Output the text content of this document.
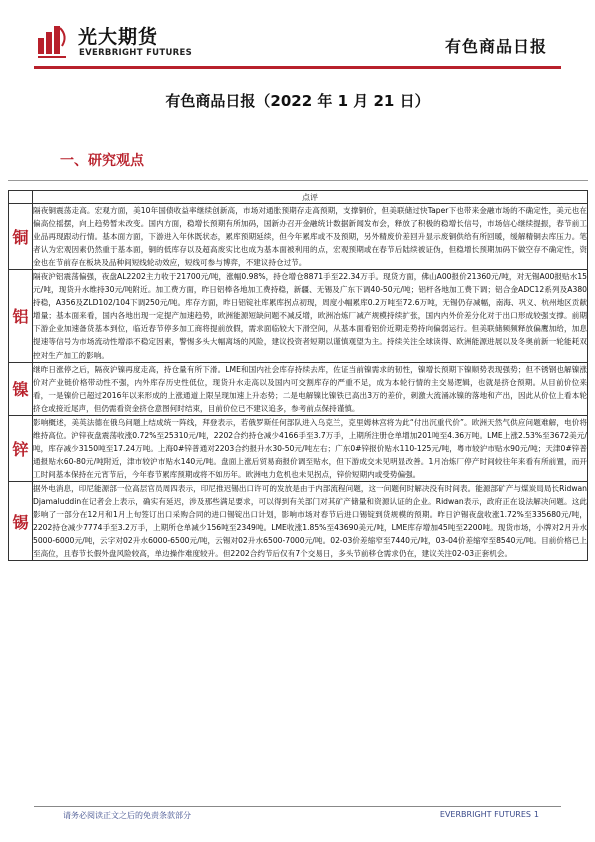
光大期货
EVERBRIGHT FUTURES	有色商品日报
有色商品日报（2022 年 1 月 21 日）
一、研究观点
	点评
铜	隔夜铜震荡走高。宏观方面，美10年国债收益率继续创新高，市场对通胀预期存走高预期，支撑铜价，但美联储过快Taper下也带来金融市场的不确定性，美元也在偏高位摇摆，向上趋势暂未改变。国内方面，稳增长预期有所加码，国新办召开金融统计数据新闻发布会，释放了积极的稳增长信号，市场信心继续提振，春节前工业品再现跟动行情。基本面方面，下游进入年休既状态，累库预期延续，但今年累库或不及预期，另外精废价差回升显示废铜供给有所回暖，缓解精铜去库压力。笔者认为宏观因素仍然重于基本面，铜的低库存以及超高废实比也成为基本面被利用的点，宏观预期或在春节后陆续被证伪，但稳增长预期加码下做空存不确定性，资金也在节前存在板块及品种间短线轮动效应，短线可参与博弈，不建议持仓过节。
铝	隔夜沪铝震荡偏强，夜盘AL2202主力收于21700元/吨，涨幅0.98%，持仓增仓8871手至22.34万手。现货方面，佛山A00报价21360元/吨，对无锡A00报贴水15元/吨，现货升水维持30元/吨附近。加工费方面，昨日铝棒各地加工费持稳，新疆、无锡及广东下调40-50元/吨；铝杆各地加工费下调；铝合金ADC12系列及A380持稳，A356及ZLD102/104下调250元/吨。库存方面，昨日铝锭社库累库拐点初现，周度小幅累库0.2万吨至72.6万吨，无锡仍存减幅，南海、巩义、杭州地区贡献增量；基本面来看，国内各地出现一定提产加速趋势，欧洲能源短缺问题不减反增，欧洲冶炼厂减产规模持续扩张，国内内外价差分化对于出口形成较强支撑。前期下游企业加速备货基本到位，临近春节停多加工商将提前放假，需求面临较大下滑空间，从基本面看铝价近期走势持向偏弱运行。但美联储频频释放偏鹰加给，加息提速等信号为市场流动性增添不稳定因素，警惕多头大幅离场的风险，建议投资者短期以谨慎观望为主。持续关注全球读得、欧洲能源进展以及冬奥前新一轮能耗双控对生产加工的影响。
镍	继昨日涨停之后，隔夜沪镍再度走高，持仓量有所下滑。LME和国内社会库存持续去库，佐证当前镍需求的韧性，镍增长预期下镍顺势表现强势；但不锈钢也解镍涨价对产业链价格带动性不强，内外库存历史性低位，现货升水走高以及国内可交割库存的严重不足，成为本轮行情的主交易逻辑，也就是挤仓预期。从目前价位来看，一是镍价已超过2016年以来形成的上涨通道上限呈现加速上升态势；二是电解镍比镍铁已高出3万的差价，刺激大流涌冰镍的落地和产出，因此从价位上看本轮挤仓或接近尾声，但仍需看资金挤仓意图何时结束，目前价位已不建议追多，参考前点保持谨慎。
锌	影响概述，美英法德在俄乌问题上结成统一阵线，拜登表示，若俄罗斯任何部队进入乌克兰，克里姆林宫将为此“付出沉重代价”。欧洲天然气供应问题难解，电价将维持高位。沪锌夜盘震荡收涨0.72%至25310元/吨，2202合约持仓减少4166手至3.7万手，上期所注册仓单增加201吨至4.36万吨。LME上涨2.53%至3672美元/吨，库存减少3150吨至17.24万吨。上海0#锌普通对2203合约报升水30-50元/吨左右；广东0#锌报价贴水110-125元/吨，粤市较沪市贴水90元/吨；天津0#锌普通报贴水60-80元/吨附近，津市较沪市贴水140元/吨。盘面上涨后贸易商报价调至贴水，但下游成交未见明显改善。1月冶炼厂停产时间较往年来看有所前置，而开工时间基本保持在元宵节后，今年春节累库预期或将不如历年。欧洲电力危机也未见拐点，锌价短期内或受势偏强。
锡	据外电消息，印尼能源部一位高层官员周四表示，印尼推迟锡出口许可的发放是由于内部流程问题，这一问题何时解决没有时间表。能源部矿产与煤炭局局长Ridwan Djamaluddin在记者会上表示，确实有延迟，涉及那些满足要求，可以得到有关部门对其矿产储量和资源认证的企业。Ridwan表示，政府正在设法解决问题。这此影响了一部分在12月和1月上旬签订出口采购合同的进口锡锭出口计划，影响市场对春节后进口锡锭到货规模的预期。昨日沪锡夜盘收涨1.72%至335680元/吨，2202持仓减少7774手至3.2万手，上期所仓单减少156吨至2349吨。LME收涨1.85%至43690美元/吨，LME库存增加45吨至2200吨。现货市场，小牌对2月升水5000-6000元/吨，云字对02升水6000-6500元/吨，云锡对02升水6500-7000元/吨。02-03价差缩窄至7440元/吨，03-04价差缩窄至8540元/吨。目前价格已上至高位，且春节长假外盘风险较高，单边操作难度较升。但2202合约节后仅有7个交易日，多头节前移仓需求仍在，建议关注02-03正套机会。
请务必阅读正文之后的免责条款部分	EVERBRIGHT FUTURES 1
